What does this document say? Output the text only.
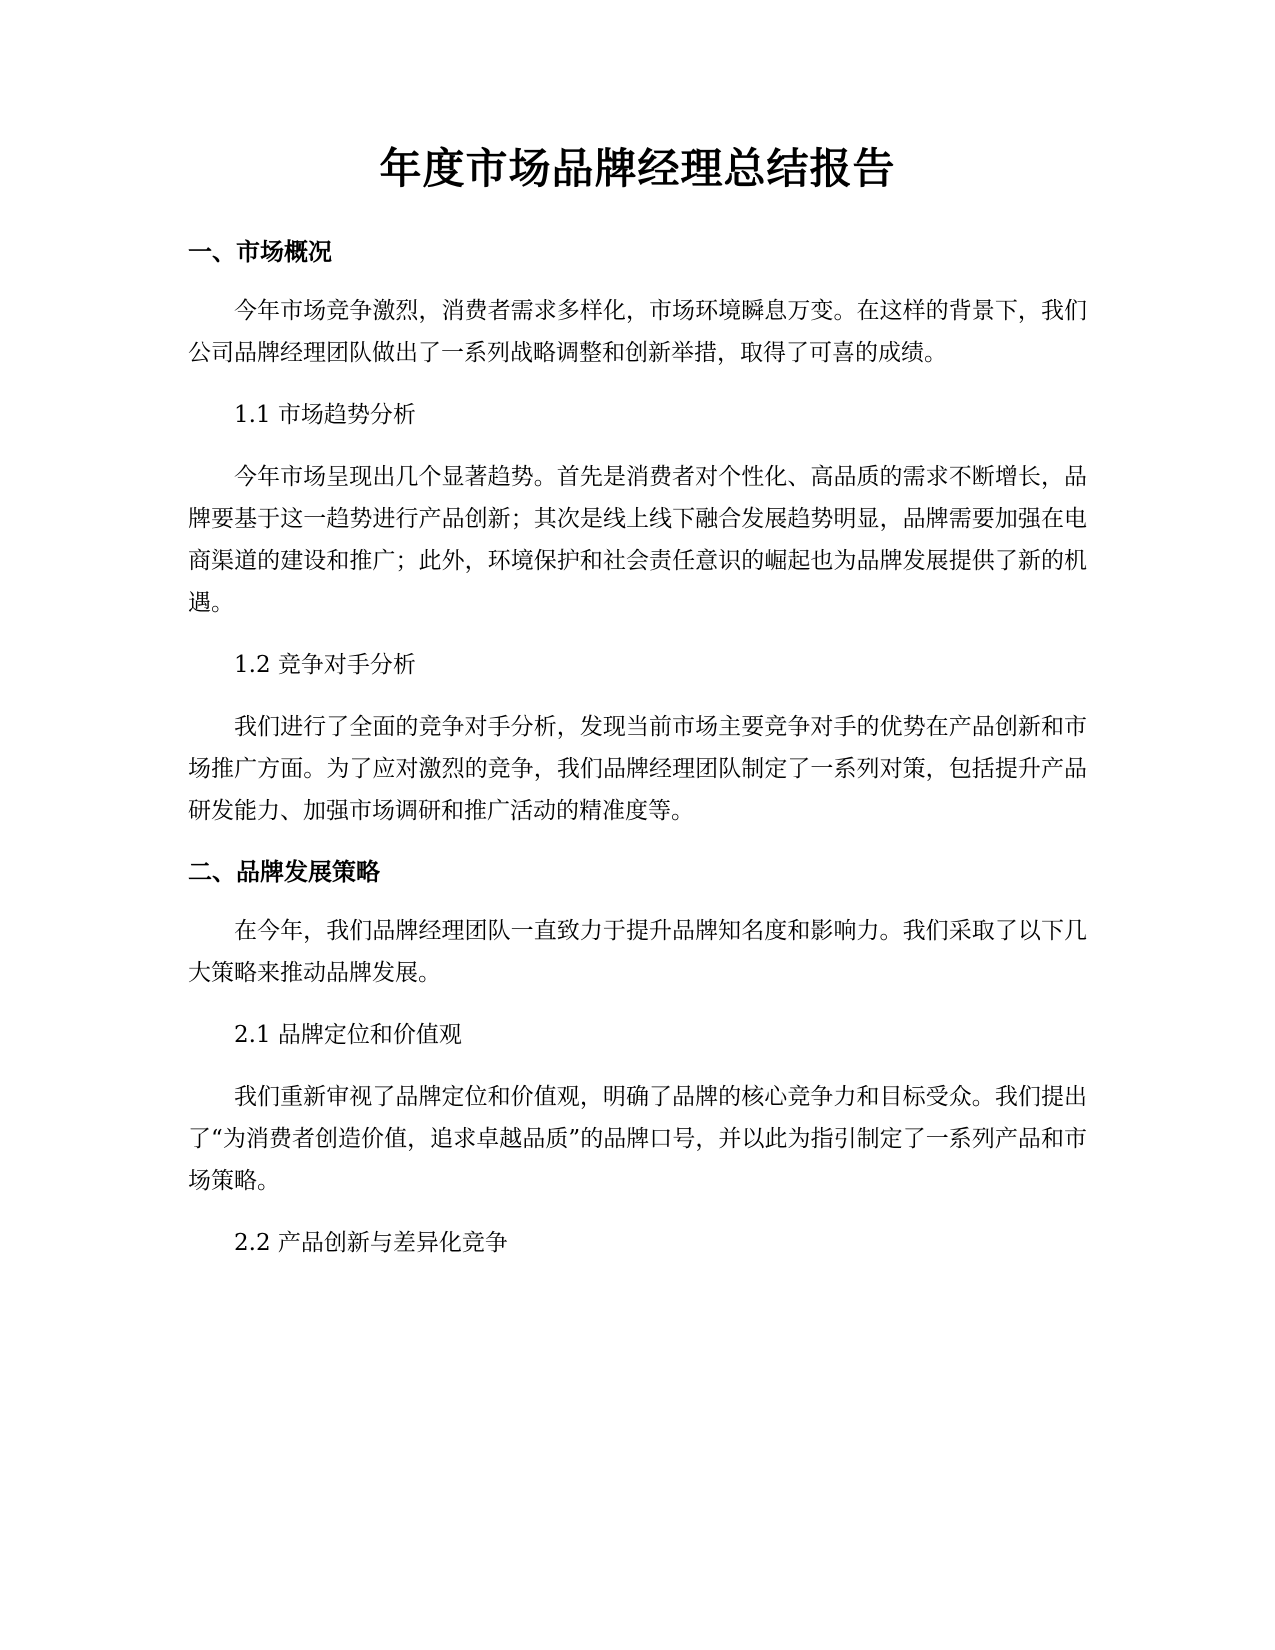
年度市场品牌经理总结报告
一、市场概况
今年市场竞争激烈，消费者需求多样化，市场环境瞬息万变。在这样的背景下，我们公司品牌经理团队做出了一系列战略调整和创新举措，取得了可喜的成绩。
1.1 市场趋势分析
今年市场呈现出几个显著趋势。首先是消费者对个性化、高品质的需求不断增长，品牌要基于这一趋势进行产品创新；其次是线上线下融合发展趋势明显，品牌需要加强在电商渠道的建设和推广；此外，环境保护和社会责任意识的崛起也为品牌发展提供了新的机遇。
1.2 竞争对手分析
我们进行了全面的竞争对手分析，发现当前市场主要竞争对手的优势在产品创新和市场推广方面。为了应对激烈的竞争，我们品牌经理团队制定了一系列对策，包括提升产品研发能力、加强市场调研和推广活动的精准度等。
二、品牌发展策略
在今年，我们品牌经理团队一直致力于提升品牌知名度和影响力。我们采取了以下几大策略来推动品牌发展。
2.1 品牌定位和价值观
我们重新审视了品牌定位和价值观，明确了品牌的核心竞争力和目标受众。我们提出了“为消费者创造价值，追求卓越品质”的品牌口号，并以此为指引制定了一系列产品和市场策略。
2.2 产品创新与差异化竞争
